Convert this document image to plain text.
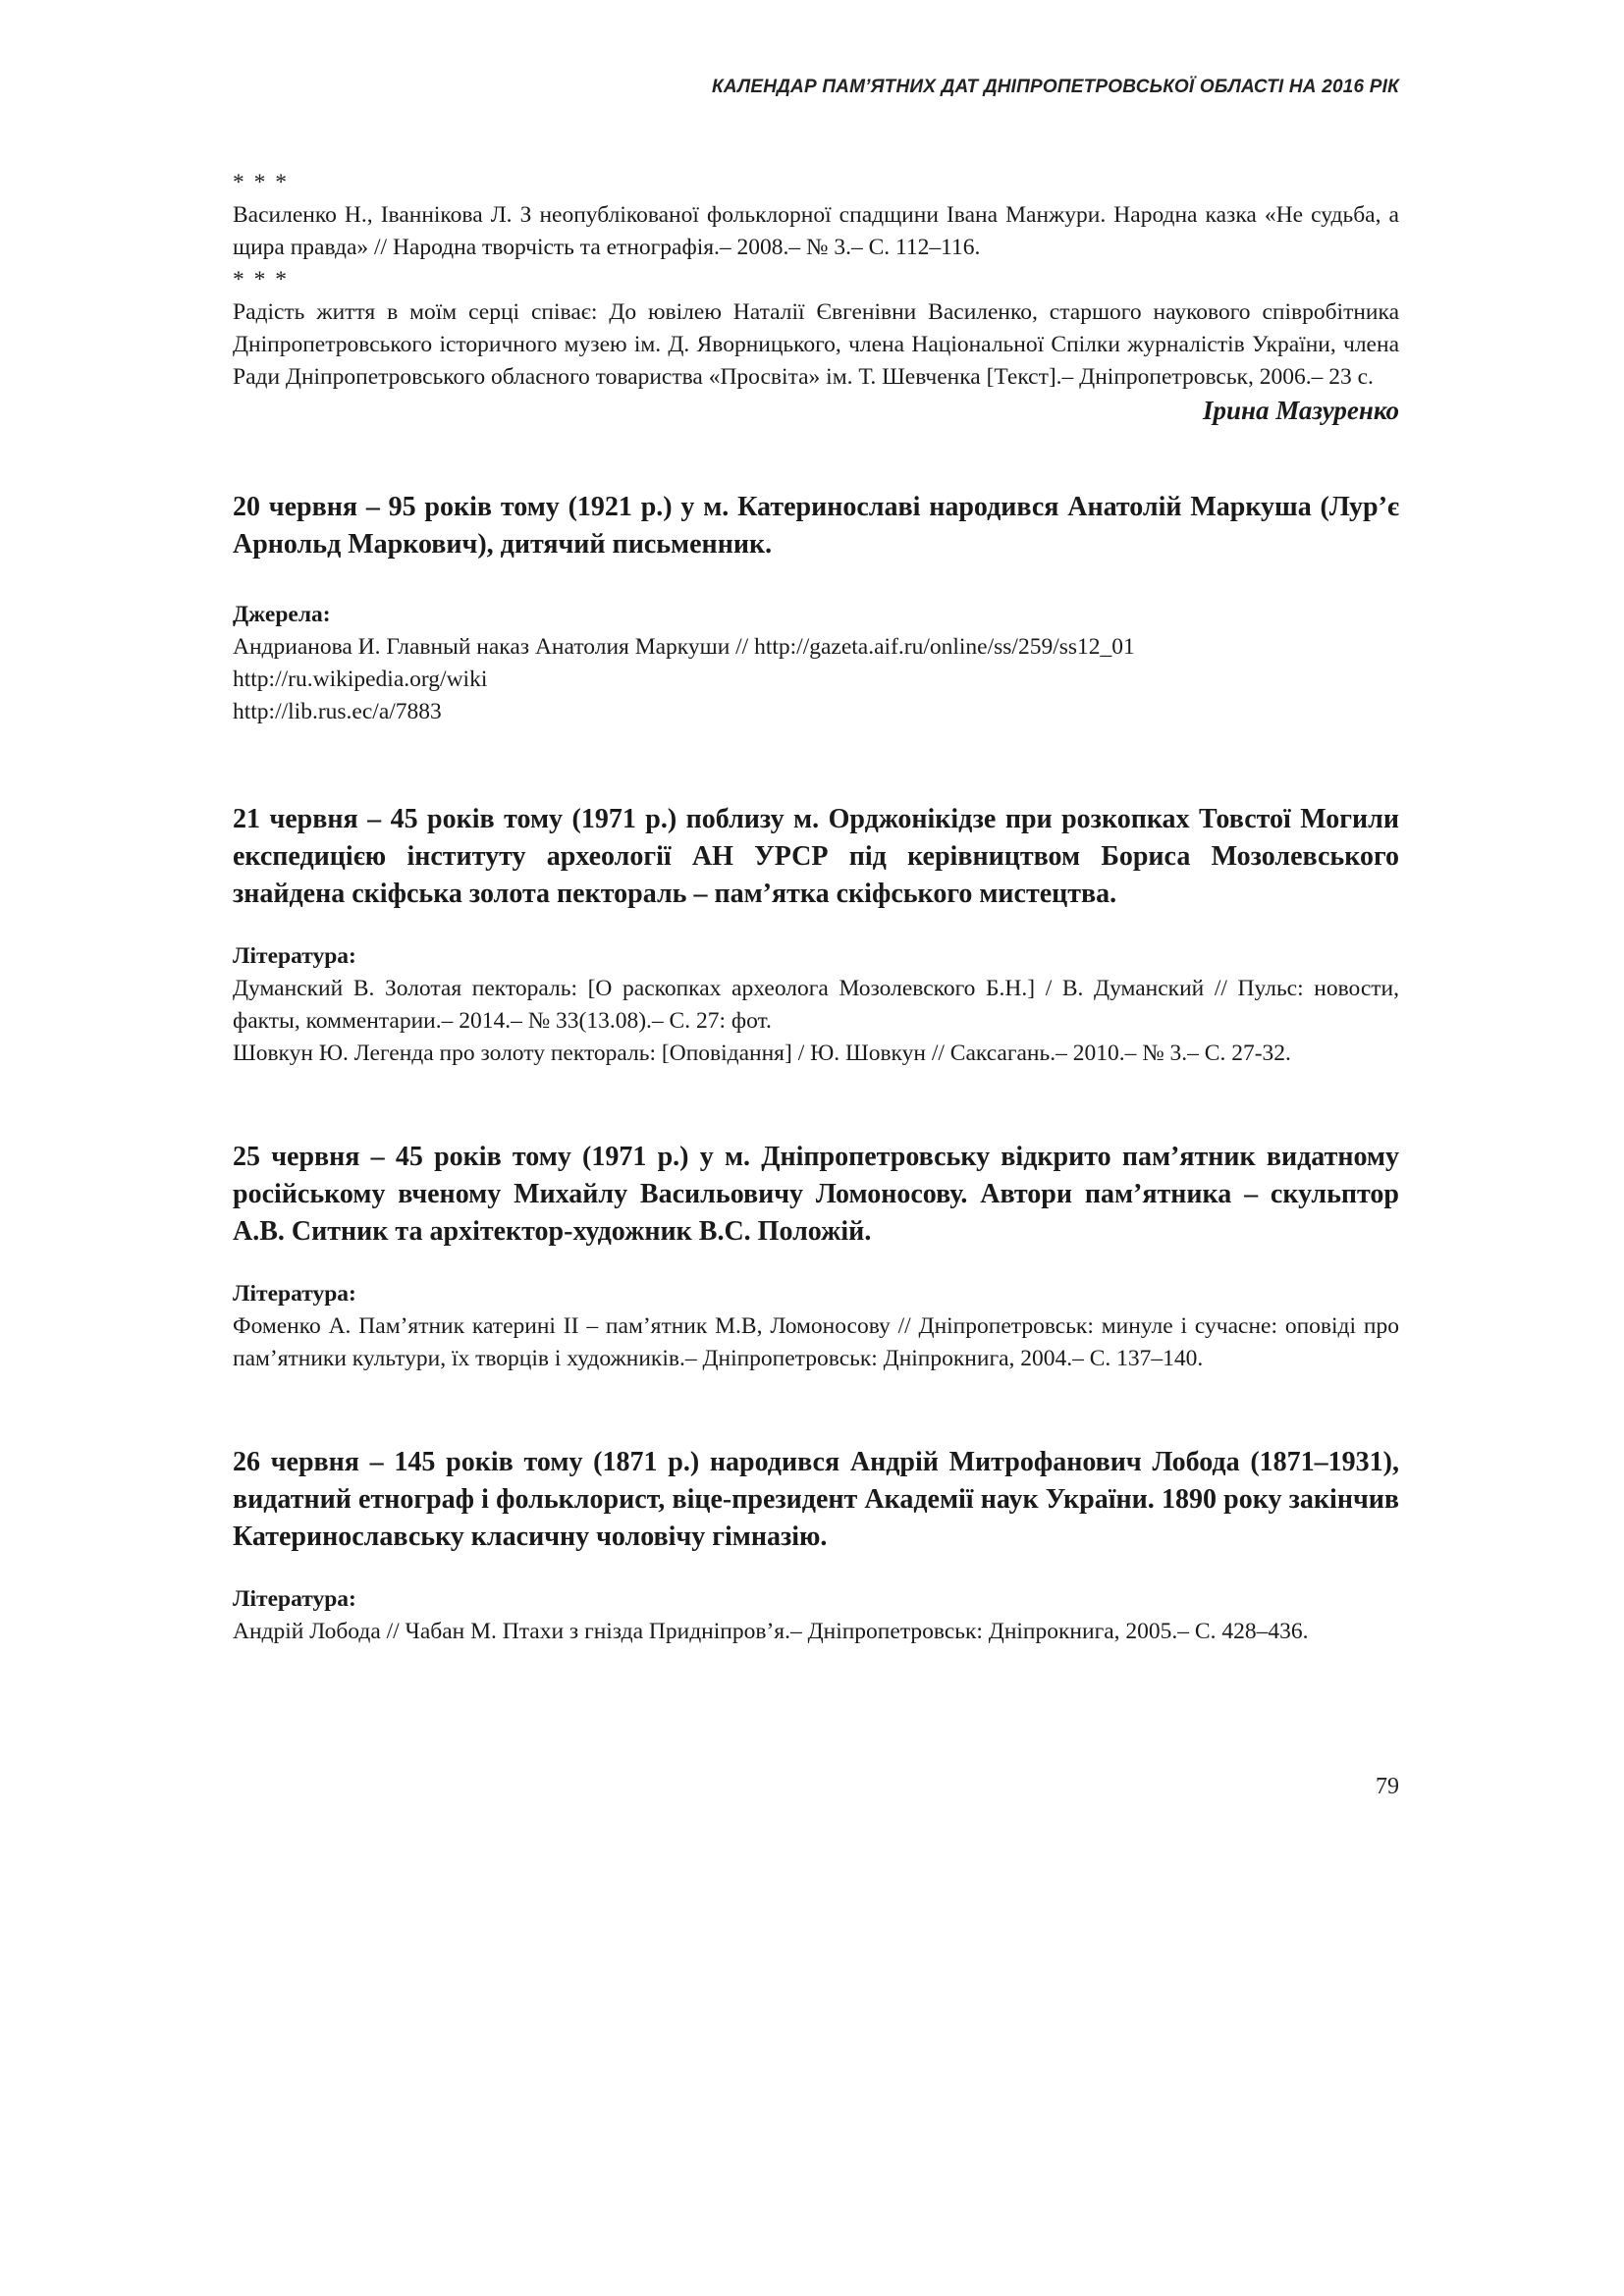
КАЛЕНДАР ПАМ’ЯТНИХ ДАТ ДНІПРОПЕТРОВСЬКОЇ ОБЛАСТІ НА 2016 РІК

* * *

Василенко Н., Іваннікова Л. З неопублікованої фольклорної спадщини Івана Манжури. Народна казка «Не судьба, а щира правда» // Народна творчість та етнографія.– 2008.– № 3.– С. 112–116.

* * *

Радість життя в моїм серці співає: До ювілею Наталії Євгенівни Василенко, старшого наукового співробітника Дніпропетровського історичного музею ім. Д. Яворницького, члена Національної Спілки журналістів України, члена Ради Дніпропетровського обласного товариства «Просвіта» ім. Т. Шевченка [Текст].– Дніпропетровськ, 2006.– 23 с.

Ірина Мазуренко

20 червня – 95 років тому (1921 р.) у м. Катеринославі народився Анатолій Маркуша (Лур’є Арнольд Маркович), дитячий письменник.

Джерела:

Андрианова И. Главный наказ Анатолия Маркуши // http://gazeta.aif.ru/online/ss/259/ss12_01

http://ru.wikipedia.org/wiki

http://lib.rus.ec/a/7883

21 червня – 45 років тому (1971 р.) поблизу м. Орджонікідзе при розкопках Товстої Могили експедицією інституту археології АН УРСР під керівництвом Бориса Мозолевського знайдена скіфська золота пектораль – пам’ятка скіфського мистецтва.

Література:

Думанский В. Золотая пектораль: [О раскопках археолога Мозолевского Б.Н.] / В. Думанский // Пульс: новости, факты, комментарии.– 2014.– № 33(13.08).– С. 27: фот.

Шовкун Ю. Легенда про золоту пектораль: [Оповідання] / Ю. Шовкун // Саксагань.– 2010.– № 3.– С. 27-32.

25 червня – 45 років тому (1971 р.) у м. Дніпропетровську відкрито пам’ятник видатному російському вченому Михайлу Васильовичу Ломоносову. Автори пам’ятника – скульптор А.В. Ситник та архітектор-художник В.С. Положій.

Література:

Фоменко А. Пам’ятник катерині ІІ – пам’ятник М.В, Ломоносову // Дніпропетровськ: минуле і сучасне: оповіді про пам’ятники культури, їх творців і художників.– Дніпропетровськ: Дніпрокнига, 2004.– С. 137–140.

26 червня – 145 років тому (1871 р.) народився Андрій Митрофанович Лобода (1871–1931), видатний етнограф і фольклорист, віце-президент Академії наук України. 1890 року закінчив Катеринославську класичну чоловічу гімназію.

Література:

Андрій Лобода // Чабан М. Птахи з гнізда Придніпров’я.– Дніпропетровськ: Дніпрокнига, 2005.– С. 428–436.

79
